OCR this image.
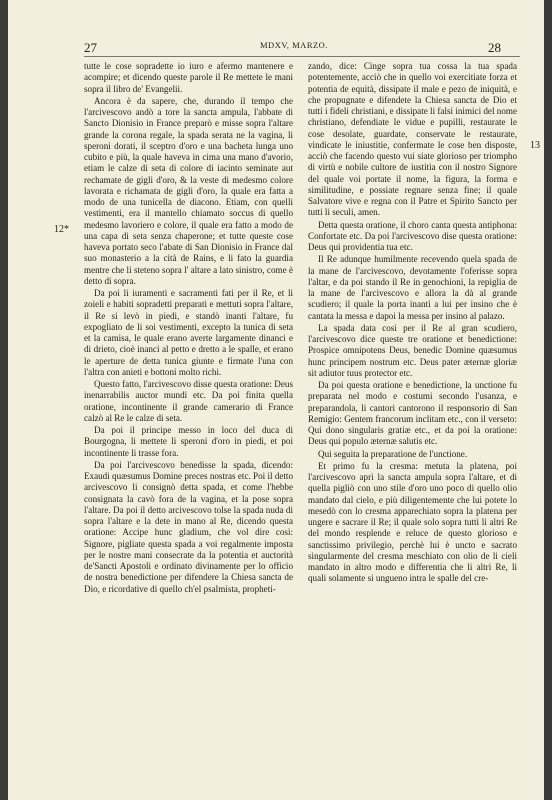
27	MDXV, MARZO.	28
12*
13

tutte le cose sopradette io iuro e afermo mantenere e acompire; et dicendo queste parole il Re mettete le mani sopra il libro de' Evangelii.

Ancora è da sapere, che, durando il tempo che l'arcivescovo andò a tore la sancta ampula, l'abbate di Sancto Dionisio in France preparò e misse sopra l'altare grande la corona regale, la spada serata ne la vagina, li speroni dorati, il sceptro d'oro e una bacheta lunga uno cubito e più, la quale haveva in cima una mano d'avorio, etiam le calze di seta di colore di iacinto seminate aut rechamate de gigli d'oro, & la veste di medesmo colore lavorata e richamata de gigli d'oro, la quale era fatta a modo de una tunicella de diacono. Etiam, con quelli vestimenti, era il mantello chiamato soccus di quello medesmo lavoriero e colore, il quale era fatto a modo de una capa di seta senza chaperone; et tutte queste cose haveva portato seco l'abate di San Dionisio in France dal suo monasterio a la cità de Rains, e li fato la guardia mentre che li steteno sopra l' altare a lato sinistro, come è detto di sopra.

Da poi li iuramenti e sacramenti fati per il Re, et li zoieli e habiti sopradetti preparati e mettuti sopra l'altare, il Re si levò in piedi, e standò inanti l'altare, fu expogliato de li soi vestimenti, excepto la tunica di seta et la camisa, le quale erano averte largamente dinanci e di drieto, cioè inanci al petto e dretto a le spalle, et erano le aperture de detta tunica giunte e firmate l'una con l'altra con anieti e bottoni molto richi.

Questo fatto, l'arcivescovo disse questa oratione: Deus inenarrabilis auctor mundi etc. Da poi finita quella oratione, incontinente il grande camerario di France calzò al Re le calze di seta.

Da poi il principe messo in loco del duca di Bourgogna, li mettete li speroni d'oro in piedi, et poi incontinente li trasse fora.

Da poi l'arcivescovo benedisse la spada, dicendo: Exaudi quæsumus Domine preces nostras etc. Poi il detto arcivescovo li consignò detta spada, et come l'hebbe consignata la cavò fora de la vagina, et la pose sopra l'altare. Da poi il detto arcivescovo tolse la spada nuda di sopra l'altare e la dete in mano al Re, dicendo questa oratione: Accipe hunc gladium, che vol dire così: Signore, pigliate questa spada a voi regalmente imposta per le nostre mani consecrate da la potentia et auctorità de'Sancti Apostoli e ordinato divinamente per lo officio de nostra benedictione per difendere la Chiesa sancta de Dio, e ricordative di quello ch'el psalmista, propheti-

zando, dice: Cinge sopra tua cossa la tua spada potentemente, acciò che in quello voi exercitiate forza et potentia de equità, dissipate il male e pezo de iniquità, e che propugnate e difendete la Chiesa sancta de Dio et tutti i fideli christiani, e dissipate li falsi inimici del nome christiano, defendiate le vidue e pupilli, restaurate le cose desolate, guardate, conservate le restaurate, vindicate le iniustitie, confermate le cose ben disposte, acciò che facendo questo vui siate glorioso per triompho di virtù e nobile cultore de iustitia con il nostro Signore del quale voi portate il nome, la figura, la forma e similitudine, e possiate regnare senza fine; il quale Salvatore vive e regna con il Patre et Spirito Sancto per tutti li seculi, amen.

Detta questa oratione, il choro canta questa antiphona: Confortate etc. Da poi l'arcivescovo dise questa oratione: Deus qui providentia tua etc.

Il Re adunque humilmente recevendo quela spada de la mane de l'arcivescovo, devotamente l'oferisse sopra l'altar, e da poi stando il Re in genochioni, la repiglia de la mane de l'arcivescovo e allora la dà al grande scudiero; il quale la porta inanti a lui per insino che è cantata la messa e dapoi la messa per insino al palazo.

La spada data così per il Re al gran scudiero, l'arcivescovo dice queste tre oratione et benedictione: Prospice omnipotens Deus, benedic Domine quæsumus hunc principem nostrum etc. Deus pater æternæ gloriæ sit adiutor tuus protector etc.

Da poi questa oratione e benedictione, la unctione fu preparata nel modo e costumi secondo l'usanza, e preparandola, li cantori cantorono il responsorio di San Remigio: Gentem francorum inclitam etc., con il verseto: Qui dono singularis gratiæ etc., et da poi la oratione: Deus qui populo æternæ salutis etc.

Qui seguita la preparatione de l'unctione.

Et primo fu la cresma: metuta la platena, poi l'arcivescovo aprì la sancta ampula sopra l'altare, et di quella pigliò con uno stile d'oro uno poco di quello olio mandato dal cielo, e più diligentemente che lui potete lo mesedò con lo cresma apparechiato sopra la platena per ungere e sacrare il Re; il quale solo sopra tutti li altri Re del mondo resplende e reluce de questo glorioso e sanctissimo privilegio, perchè lui è uncto e sacrato singularmente del cresma meschiato con olio de li cieli mandato in altro modo e differentia che li altri Re, li quali solamente si ungueno intra le spalle del cre-
